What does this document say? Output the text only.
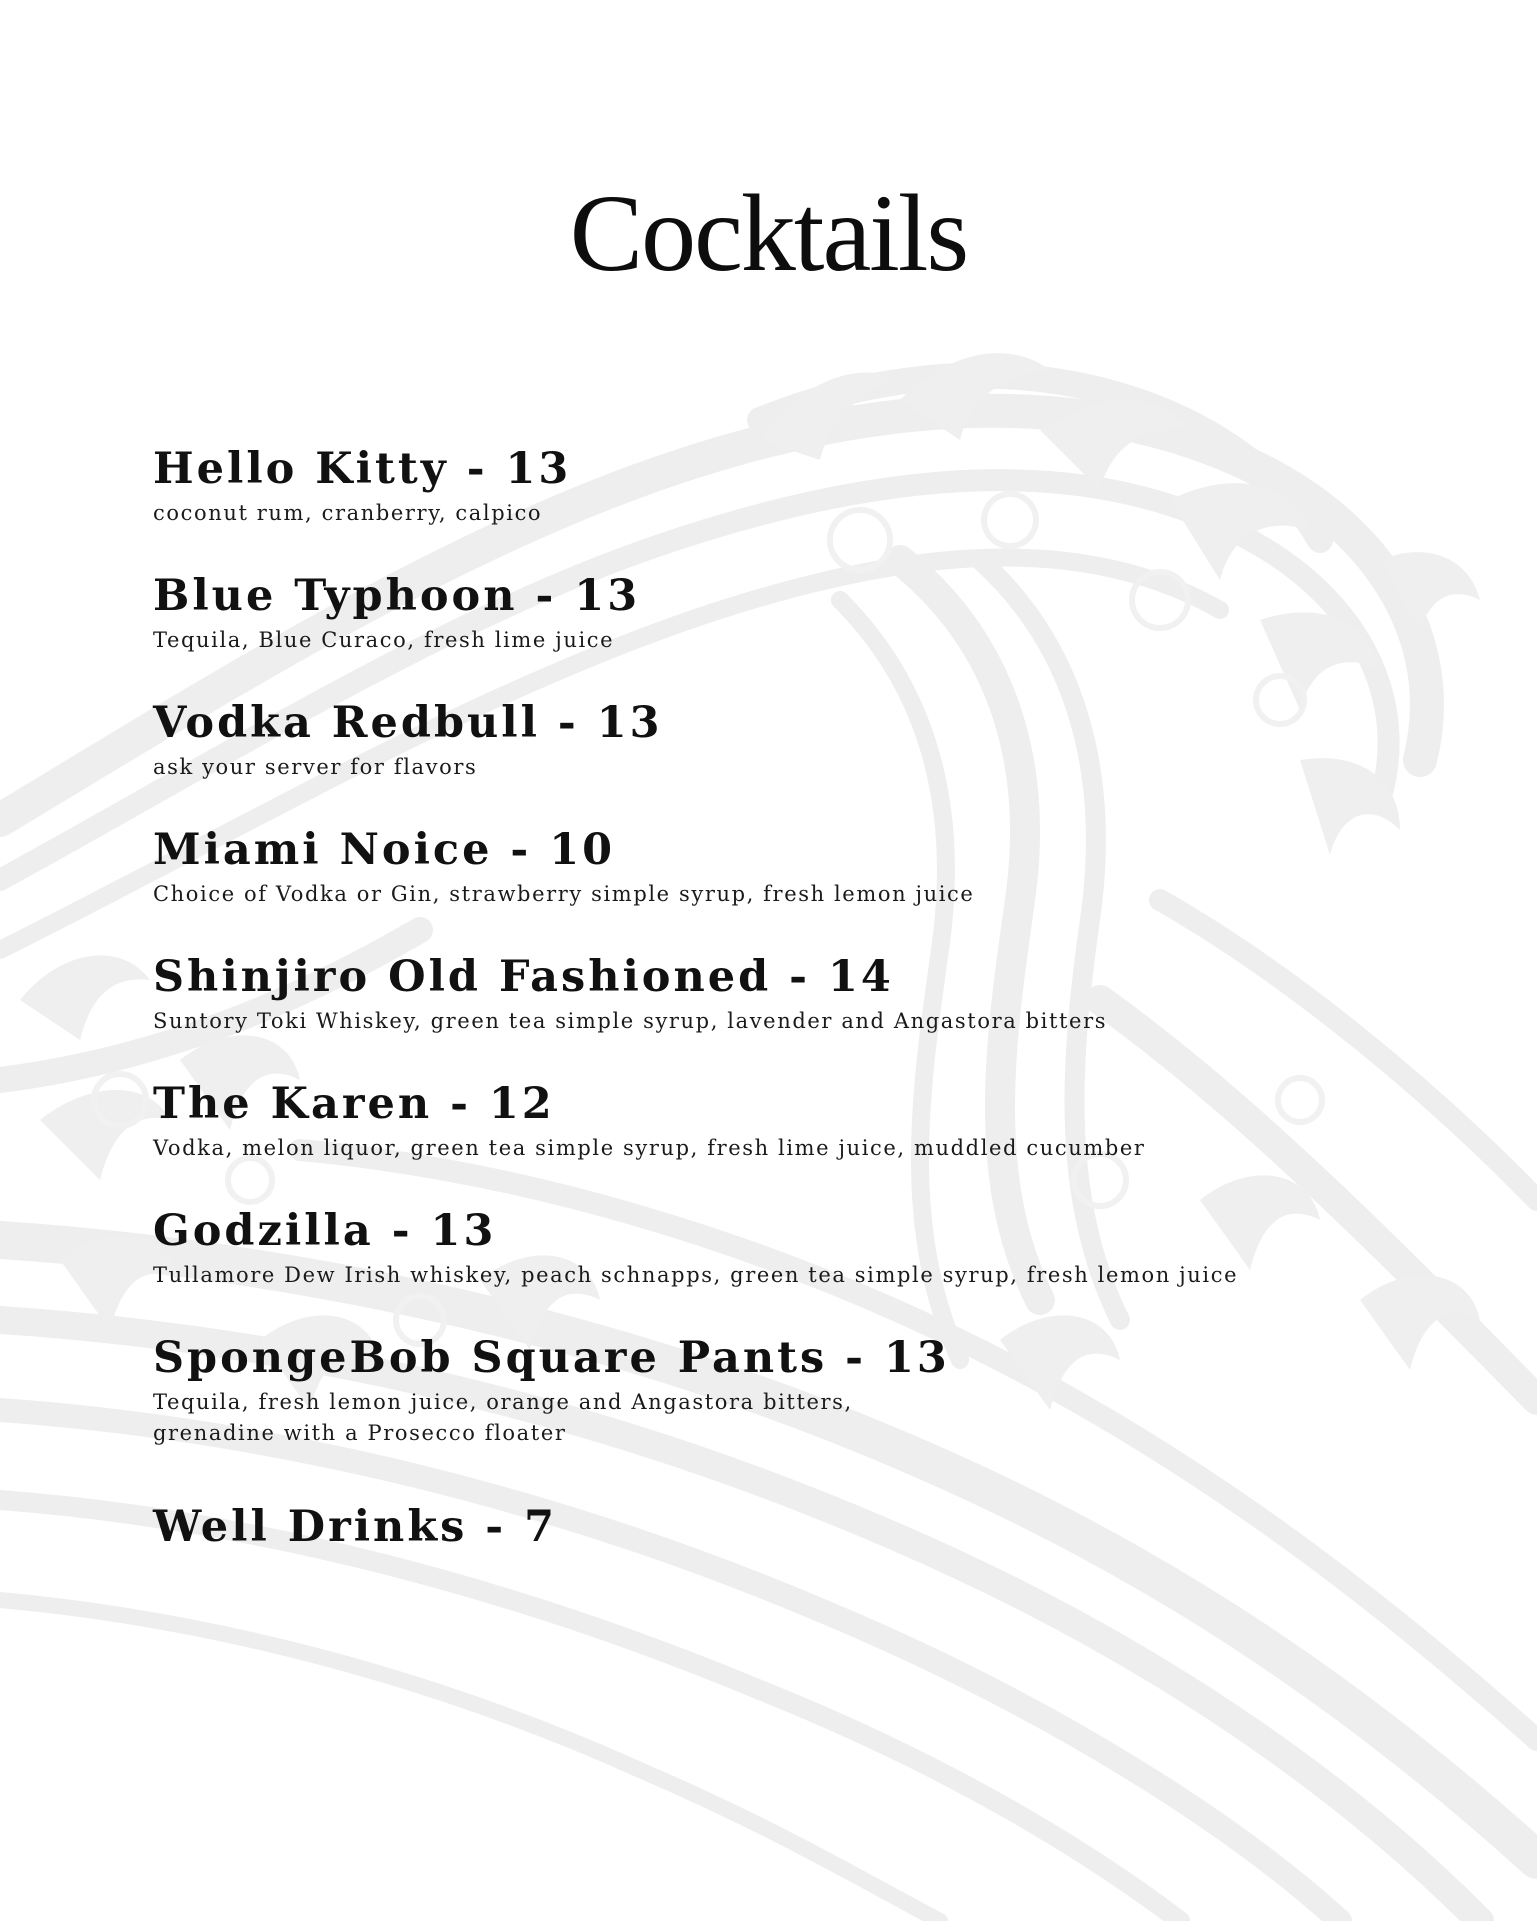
Cocktails
Hello Kitty - 13
coconut rum, cranberry, calpico
Blue Typhoon - 13
Tequila, Blue Curaco, fresh lime juice
Vodka Redbull - 13
ask your server for flavors
Miami Noice - 10
Choice of Vodka or Gin, strawberry simple syrup, fresh lemon juice
Shinjiro Old Fashioned - 14
Suntory Toki Whiskey, green tea simple syrup, lavender and Angastora bitters
The Karen - 12
Vodka, melon liquor, green tea simple syrup, fresh lime juice, muddled cucumber
Godzilla - 13
Tullamore Dew Irish whiskey, peach schnapps, green tea simple syrup, fresh lemon juice
SpongeBob Square Pants - 13
Tequila, fresh lemon juice, orange and Angastora bitters,
grenadine with a Prosecco floater
Well Drinks - 7
